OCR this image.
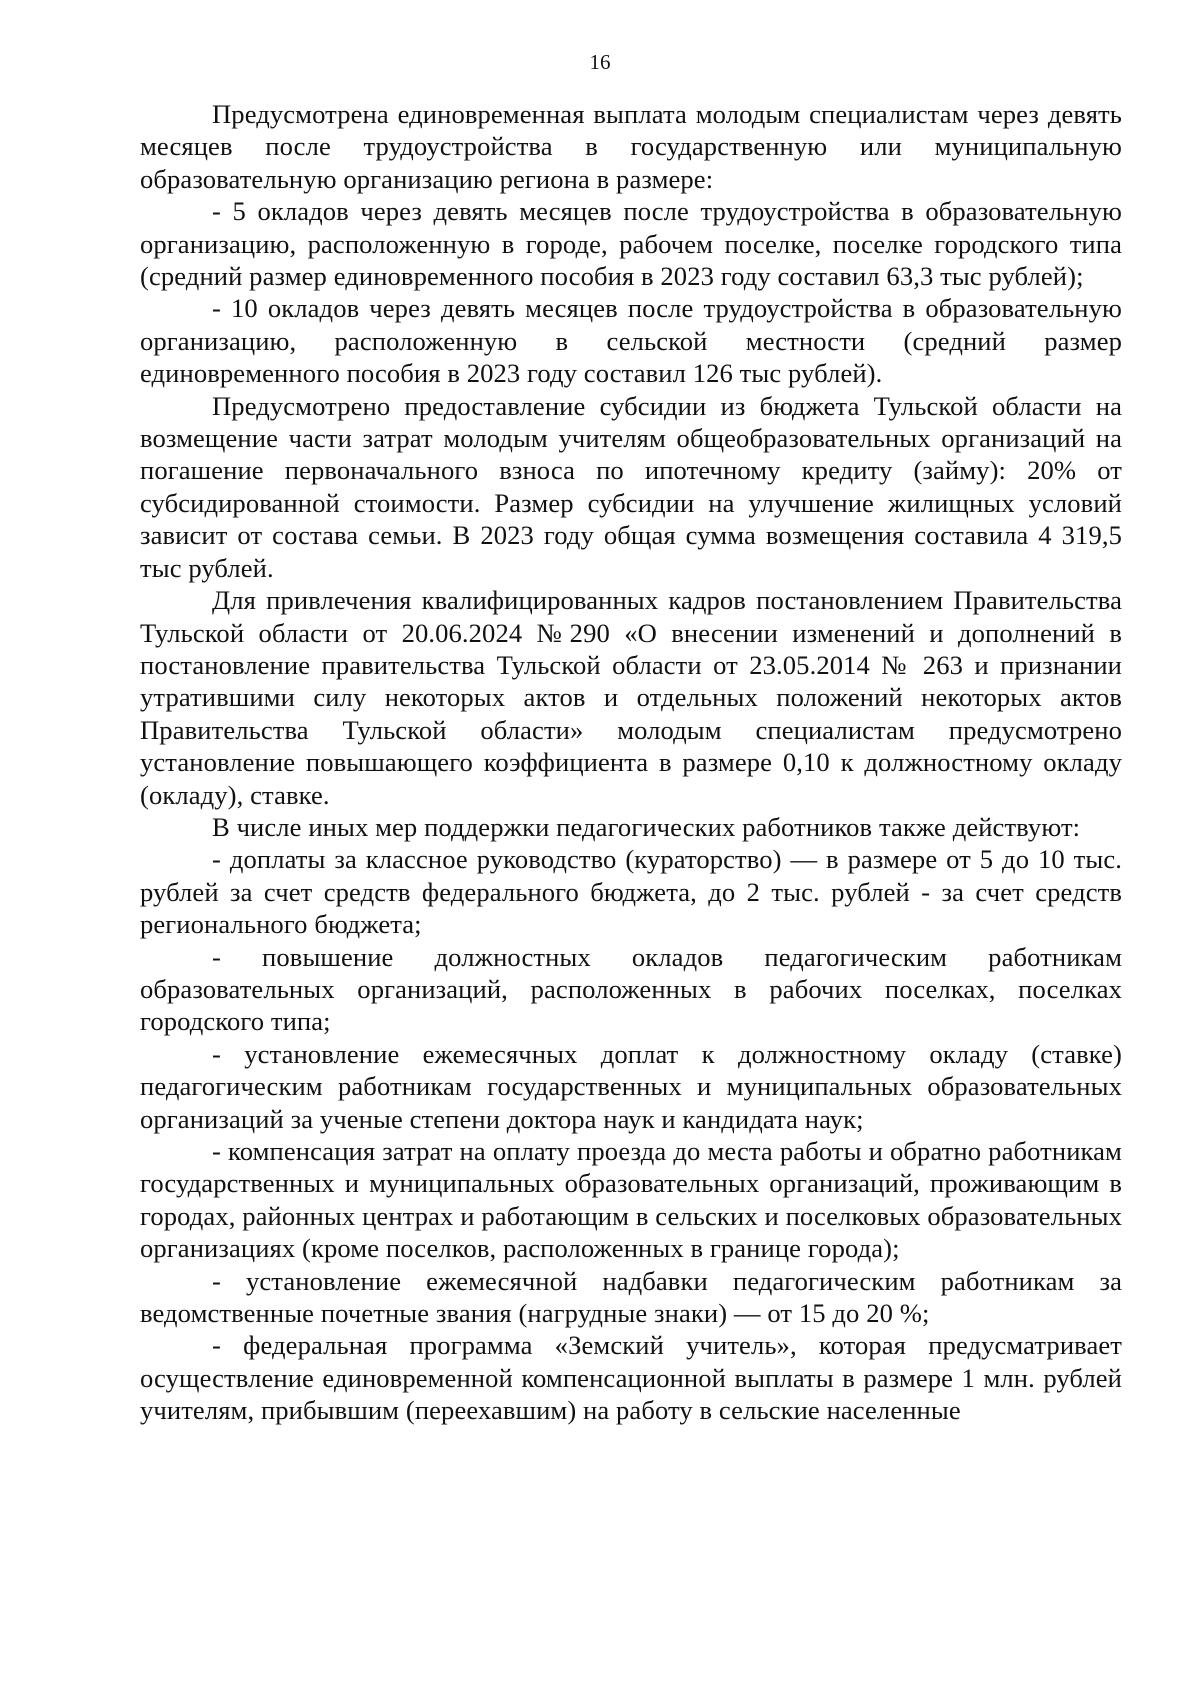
16

Предусмотрена единовременная выплата молодым специалистам через девять месяцев после трудоустройства в государственную или муниципальную образовательную организацию региона в размере:

- 5 окладов через девять месяцев после трудоустройства в образовательную организацию, расположенную в городе, рабочем поселке, поселке городского типа (средний размер единовременного пособия в 2023 году составил 63,3 тыс рублей);

- 10 окладов через девять месяцев после трудоустройства в образовательную организацию, расположенную в сельской местности (средний размер единовременного пособия в 2023 году составил 126 тыс рублей).

Предусмотрено предоставление субсидии из бюджета Тульской области на возмещение части затрат молодым учителям общеобразовательных организаций на погашение первоначального взноса по ипотечному кредиту (займу): 20% от субсидированной стоимости. Размер субсидии на улучшение жилищных условий зависит от состава семьи. В 2023 году общая сумма возмещения составила 4 319,5 тыс рублей.

Для привлечения квалифицированных кадров постановлением Правительства Тульской области от 20.06.2024 №290 «О внесении изменений и дополнений в постановление правительства Тульской области от 23.05.2014 № 263 и признании утратившими силу некоторых актов и отдельных положений некоторых актов Правительства Тульской области» молодым специалистам предусмотрено установление повышающего коэффициента в размере 0,10 к должностному окладу (окладу), ставке.

В числе иных мер поддержки педагогических работников также действуют:

- доплаты за классное руководство (кураторство) — в размере от 5 до 10 тыс. рублей за счет средств федерального бюджета, до 2 тыс. рублей - за счет средств регионального бюджета;

- повышение должностных окладов педагогическим работникам образовательных организаций, расположенных в рабочих поселках, поселках городского типа;

- установление ежемесячных доплат к должностному окладу (ставке) педагогическим работникам государственных и муниципальных образовательных организаций за ученые степени доктора наук и кандидата наук;

- компенсация затрат на оплату проезда до места работы и обратно работникам государственных и муниципальных образовательных организаций, проживающим в городах, районных центрах и работающим в сельских и поселковых образовательных организациях (кроме поселков, расположенных в границе города);

- установление ежемесячной надбавки педагогическим работникам за ведомственные почетные звания (нагрудные знаки) — от 15 до 20 %;

- федеральная программа «Земский учитель», которая предусматривает осуществление единовременной компенсационной выплаты в размере 1 млн. рублей учителям, прибывшим (переехавшим) на работу в сельские населенные
